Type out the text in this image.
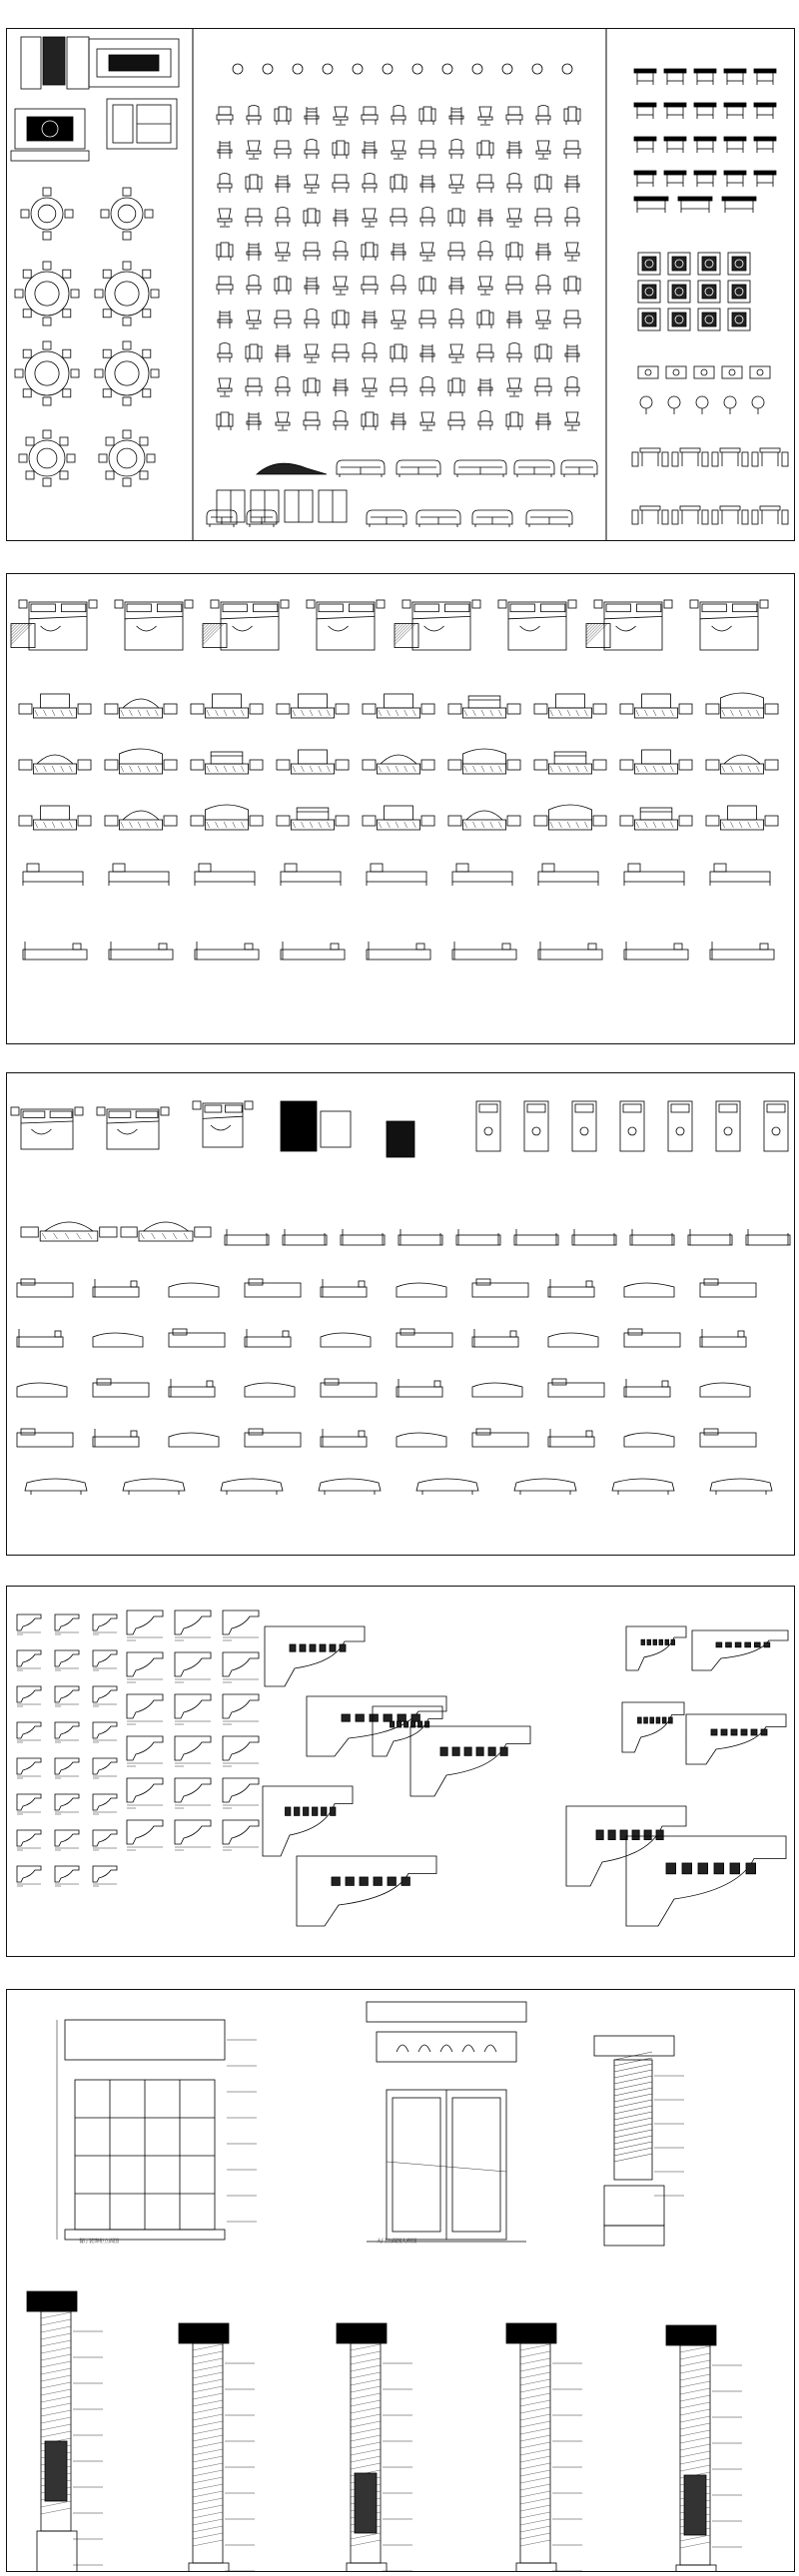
餐厅装饰柜立面图	大门立面图大样图
